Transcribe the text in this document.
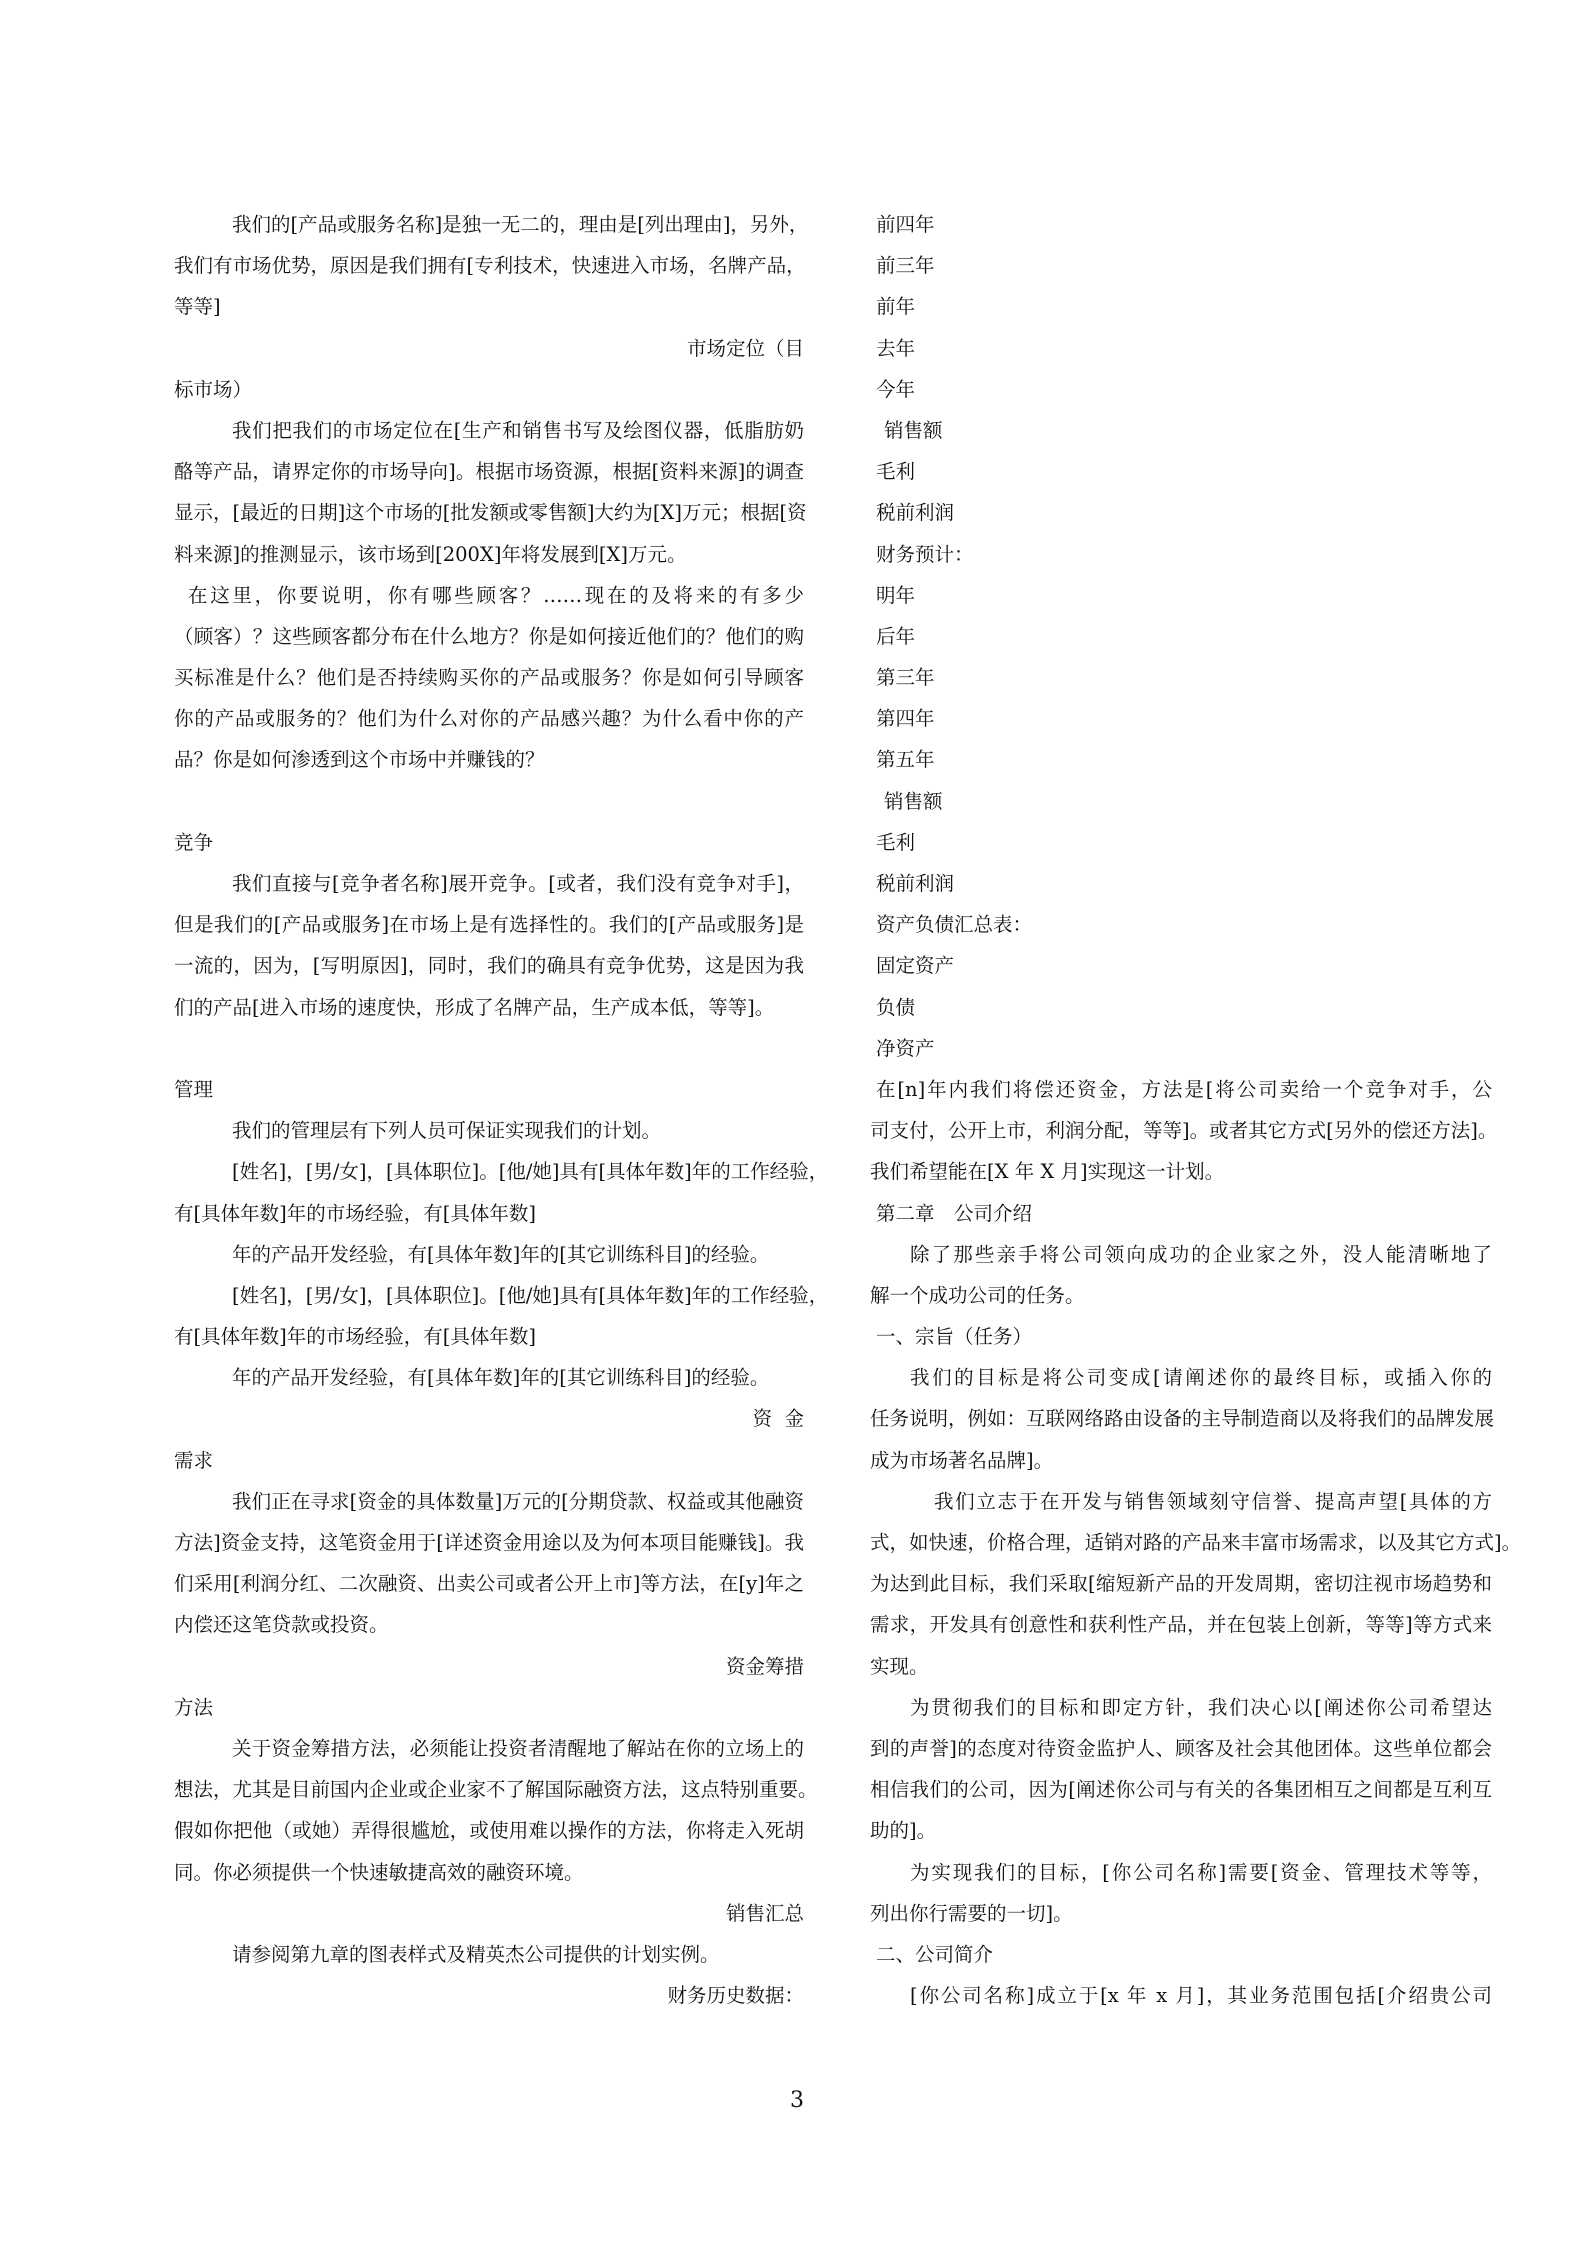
我们的[产品或服务名称]是独一无二的，理由是[列出理由]，另外，
我们有市场优势，原因是我们拥有[专利技术，快速进入市场，名牌产品，
等等]
市场定位（目
标市场）
我们把我们的市场定位在[生产和销售书写及绘图仪器，低脂肪奶
酪等产品，请界定你的市场导向]。根据市场资源，根据[资料来源]的调查
显示，[最近的日期]这个市场的[批发额或零售额]大约为[X]万元；根据[资
料来源]的推测显示，该市场到[200X]年将发展到[X]万元。
在这里，你要说明，你有哪些顾客？……现在的及将来的有多少
（顾客）？这些顾客都分布在什么地方？你是如何接近他们的？他们的购
买标准是什么？他们是否持续购买你的产品或服务？你是如何引导顾客
你的产品或服务的？他们为什么对你的产品感兴趣？为什么看中你的产
品？你是如何渗透到这个市场中并赚钱的？
竞争
我们直接与[竞争者名称]展开竞争。[或者，我们没有竞争对手]，
但是我们的[产品或服务]在市场上是有选择性的。我们的[产品或服务]是
一流的，因为，[写明原因]，同时，我们的确具有竞争优势，这是因为我
们的产品[进入市场的速度快，形成了名牌产品，生产成本低，等等]。
管理
我们的管理层有下列人员可保证实现我们的计划。
[姓名]，[男/女]，[具体职位]。[他/她]具有[具体年数]年的工作经验，
有[具体年数]年的市场经验，有[具体年数]
年的产品开发经验，有[具体年数]年的[其它训练科目]的经验。
[姓名]，[男/女]，[具体职位]。[他/她]具有[具体年数]年的工作经验，
有[具体年数]年的市场经验，有[具体年数]
年的产品开发经验，有[具体年数]年的[其它训练科目]的经验。
资  金
需求
我们正在寻求[资金的具体数量]万元的[分期贷款、权益或其他融资
方法]资金支持，这笔资金用于[详述资金用途以及为何本项目能赚钱]。我
们采用[利润分红、二次融资、出卖公司或者公开上市]等方法，在[y]年之
内偿还这笔贷款或投资。
资金筹措
方法
关于资金筹措方法，必须能让投资者清醒地了解站在你的立场上的
想法，尤其是目前国内企业或企业家不了解国际融资方法，这点特别重要。
假如你把他（或她）弄得很尴尬，或使用难以操作的方法，你将走入死胡
同。你必须提供一个快速敏捷高效的融资环境。
销售汇总
请参阅第九章的图表样式及精英杰公司提供的计划实例。
财务历史数据：
前四年
前三年
前年
去年
今年
销售额
毛利
税前利润
财务预计：
明年
后年
第三年
第四年
第五年
销售额
毛利
税前利润
资产负债汇总表：
固定资产
负债
净资产
在[n]年内我们将偿还资金，方法是[将公司卖给一个竞争对手，公
司支付，公开上市，利润分配，等等]。或者其它方式[另外的偿还方法]。
我们希望能在[X 年 X 月]实现这一计划。
第二章　公司介绍
除了那些亲手将公司领向成功的企业家之外，没人能清晰地了
解一个成功公司的任务。
一、宗旨（任务）
我们的目标是将公司变成[请阐述你的最终目标，或插入你的
任务说明，例如：互联网络路由设备的主导制造商以及将我们的品牌发展
成为市场著名品牌]。
我们立志于在开发与销售领域刻守信誉、提高声望[具体的方
式，如快速，价格合理，适销对路的产品来丰富市场需求，以及其它方式]。
为达到此目标，我们采取[缩短新产品的开发周期，密切注视市场趋势和
需求，开发具有创意性和获利性产品，并在包装上创新，等等]等方式来
实现。
为贯彻我们的目标和即定方针，我们决心以[阐述你公司希望达
到的声誉]的态度对待资金监护人、顾客及社会其他团体。这些单位都会
相信我们的公司，因为[阐述你公司与有关的各集团相互之间都是互利互
助的]。
为实现我们的目标，[你公司名称]需要[资金、管理技术等等，
列出你行需要的一切]。
二、公司简介
[你公司名称]成立于[x 年 x 月]，其业务范围包括[介绍贵公司
3
